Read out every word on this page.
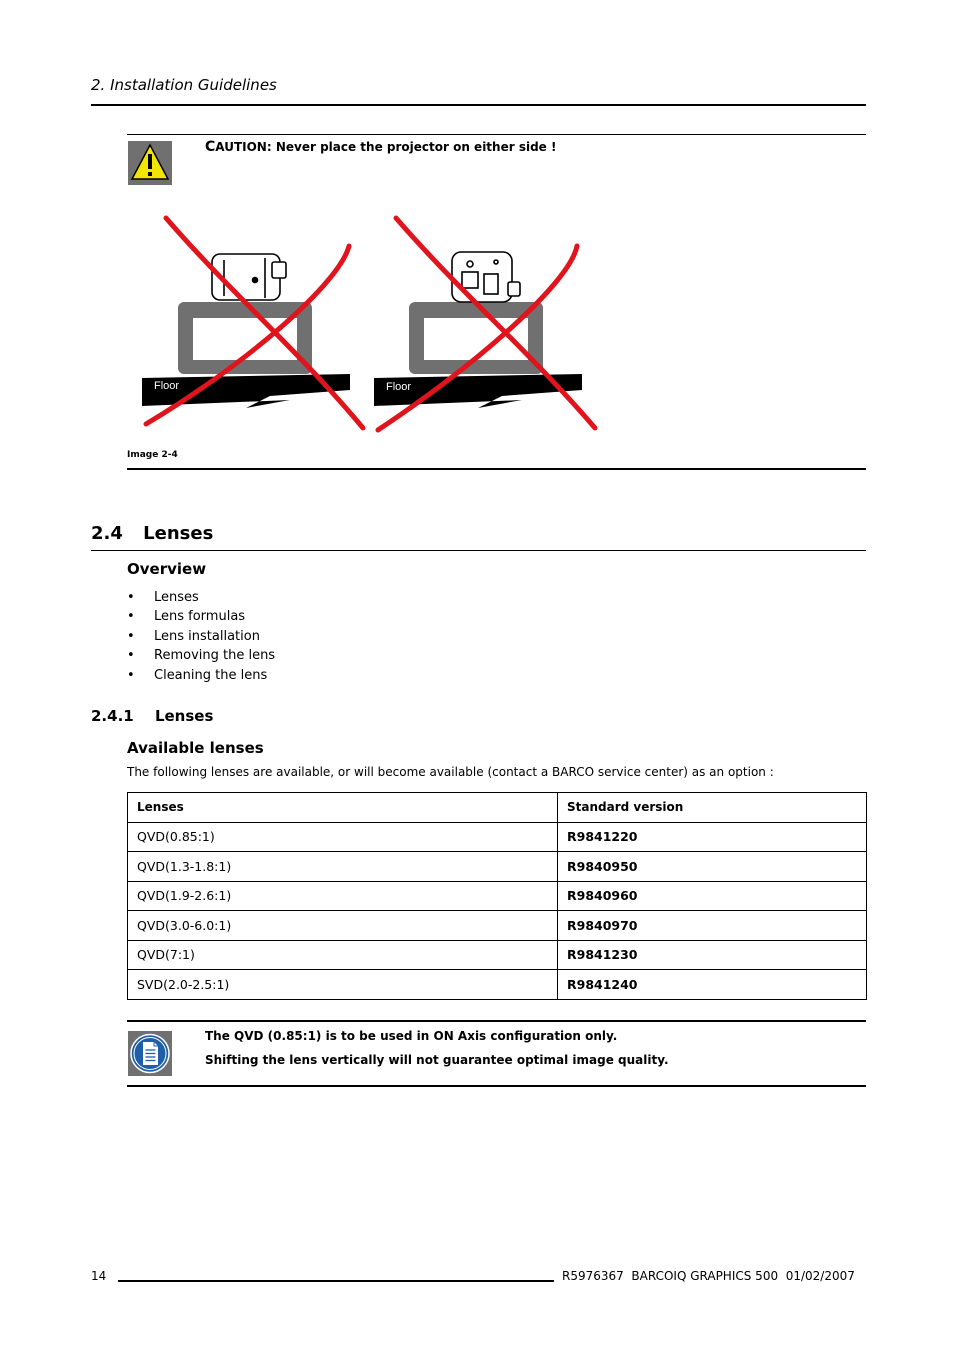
2. Installation Guidelines
CAUTION: Never place the projector on either side !
Floor	Floor
Image 2-4
2.4 Lenses
Overview
• Lenses
• Lens formulas
• Lens installation
• Removing the lens
• Cleaning the lens
2.4.1 Lenses
Available lenses
The following lenses are available, or will become available (contact a BARCO service center) as an option :
Lenses	Standard version
QVD(0.85:1)	R9841220
QVD(1.3-1.8:1)	R9840950
QVD(1.9-2.6:1)	R9840960
QVD(3.0-6.0:1)	R9840970
QVD(7:1)	R9841230
SVD(2.0-2.5:1)	R9841240
The QVD (0.85:1) is to be used in ON Axis configuration only.
Shifting the lens vertically will not guarantee optimal image quality.
14	R5976367  BARCOIQ GRAPHICS 500  01/02/2007
